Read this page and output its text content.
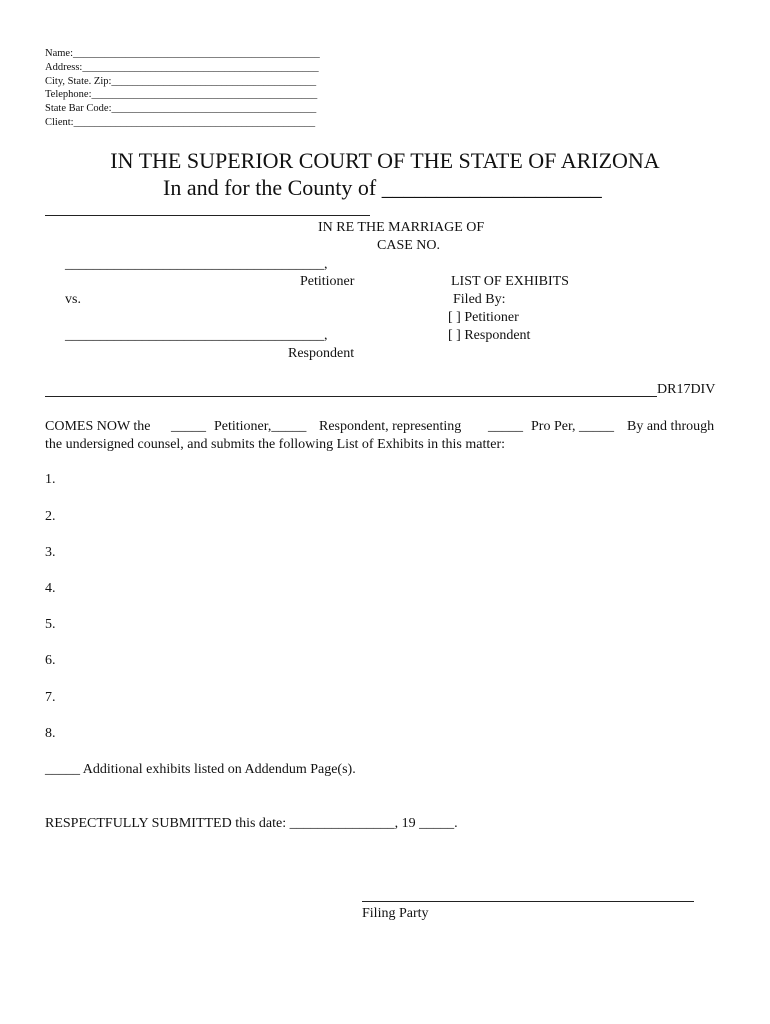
Name:_______________________________________________
Address:_____________________________________________
City, State. Zip:_______________________________________
Telephone:___________________________________________
State Bar Code:_______________________________________
Client:______________________________________________
IN THE SUPERIOR COURT OF THE STATE OF ARIZONA
In and for the County of ____________________
IN RE THE MARRIAGE OF
CASE NO.
_____________________________________,
Petitioner
vs.
_____________________________________,
Respondent
LIST OF EXHIBITS
Filed By:
[ ] Petitioner
[ ] Respondent
DR17DIV
COMES NOW the _____ Petitioner,_____ Respondent, representing _____ Pro Per, _____ By and through
the undersigned counsel, and submits the following List of Exhibits in this matter:
1.
2.
3.
4.
5.
6.
7.
8.
_____ Additional exhibits listed on Addendum Page(s).
RESPECTFULLY SUBMITTED this date: _______________, 19 _____.
Filing Party
